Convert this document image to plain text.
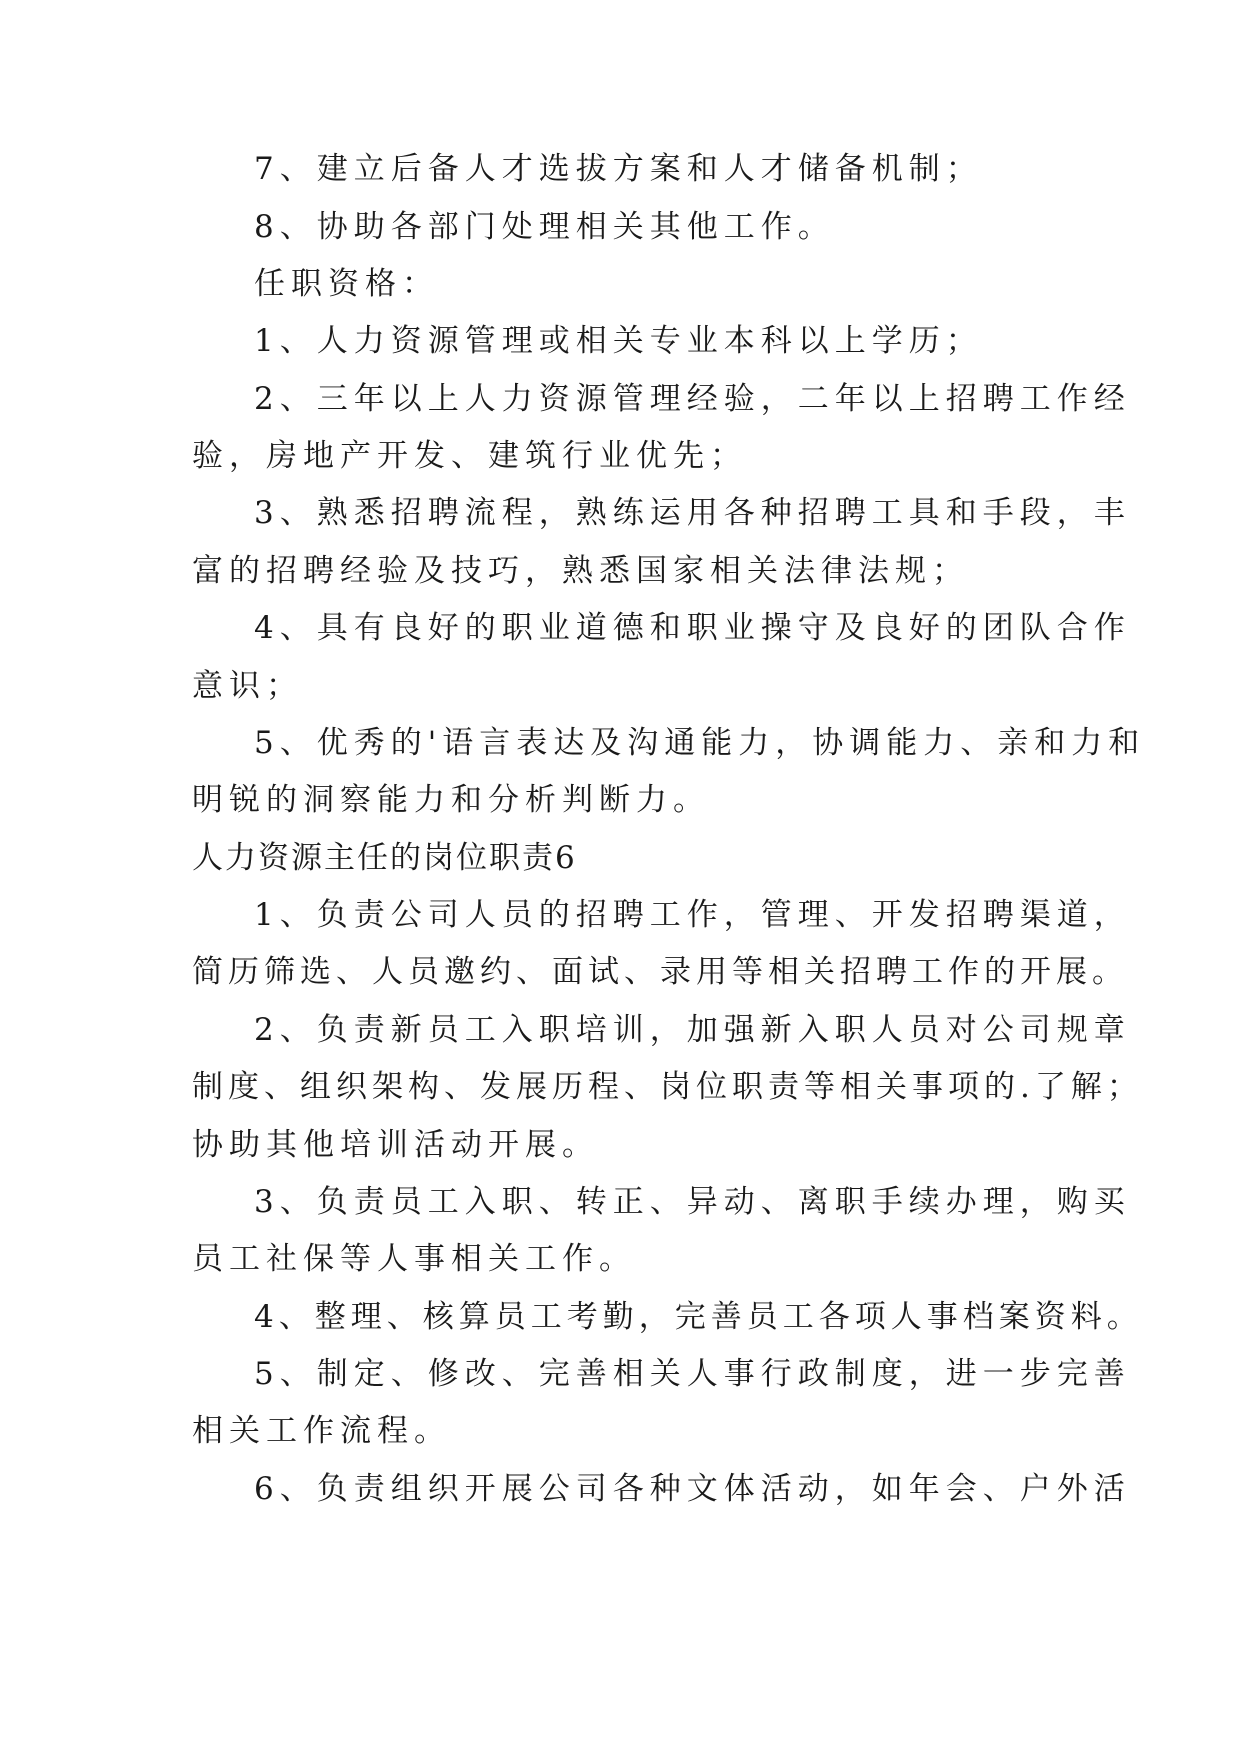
7、建立后备人才选拔方案和人才储备机制；

8、协助各部门处理相关其他工作。

任职资格：

1、人力资源管理或相关专业本科以上学历；

2、三年以上人力资源管理经验，二年以上招聘工作经

验，房地产开发、建筑行业优先；

3、熟悉招聘流程，熟练运用各种招聘工具和手段，丰

富的招聘经验及技巧，熟悉国家相关法律法规；

4、具有良好的职业道德和职业操守及良好的团队合作

意识；

5、优秀的'语言表达及沟通能力，协调能力、亲和力和

明锐的洞察能力和分析判断力。

人力资源主任的岗位职责6

1、负责公司人员的招聘工作，管理、开发招聘渠道，

简历筛选、人员邀约、面试、录用等相关招聘工作的开展。

2、负责新员工入职培训，加强新入职人员对公司规章

制度、组织架构、发展历程、岗位职责等相关事项的.了解；

协助其他培训活动开展。

3、负责员工入职、转正、异动、离职手续办理，购买

员工社保等人事相关工作。

4、整理、核算员工考勤，完善员工各项人事档案资料。

5、制定、修改、完善相关人事行政制度，进一步完善

相关工作流程。

6、负责组织开展公司各种文体活动，如年会、户外活
